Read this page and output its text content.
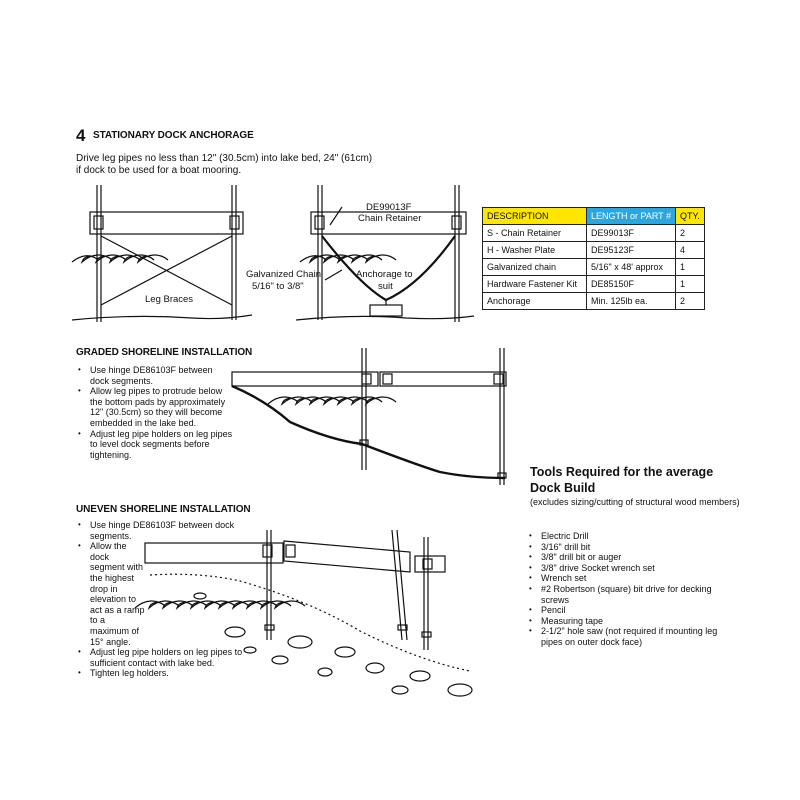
4 STATIONARY DOCK ANCHORAGE
Drive leg pipes no less than 12" (30.5cm) into lake bed, 24" (61cm)
if dock to be used for a boat mooring.
Leg Braces
DE99013F
Chain Retainer
Galvanized Chain
5/16" to 3/8"
Anchorage to
suit
DESCRIPTION	LENGTH or PART #	QTY.
S - Chain Retainer	DE99013F	2
H - Washer Plate	DE95123F	4
Galvanized chain	5/16" x 48' approx	1
Hardware Fastener Kit	DE85150F	1
Anchorage	Min. 125lb ea.	2
GRADED SHORELINE INSTALLATION
• Use hinge DE86103F between dock segments.
• Allow leg pipes to protrude below the bottom pads by approximately 12" (30.5cm) so they will become embedded in the lake bed.
• Adjust leg pipe holders on leg pipes to level dock segments before tightening.
UNEVEN SHORELINE INSTALLATION
• Use hinge DE86103F between dock segments.
• Allow the dock segment with the highest drop in elevation to act as a ramp to a maximum of 15° angle.
• Adjust leg pipe holders on leg pipes to sufficient contact with lake bed.
• Tighten leg holders.
Tools Required for the average
Dock Build
(excludes sizing/cutting of structural wood members)
• Electric Drill
• 3/16" drill bit
• 3/8" drill bit or auger
• 3/8" drive Socket wrench set
• Wrench set
• #2 Robertson (square) bit drive for decking screws
• Pencil
• Measuring tape
• 2-1/2" hole saw (not required if mounting leg pipes on outer dock face)
